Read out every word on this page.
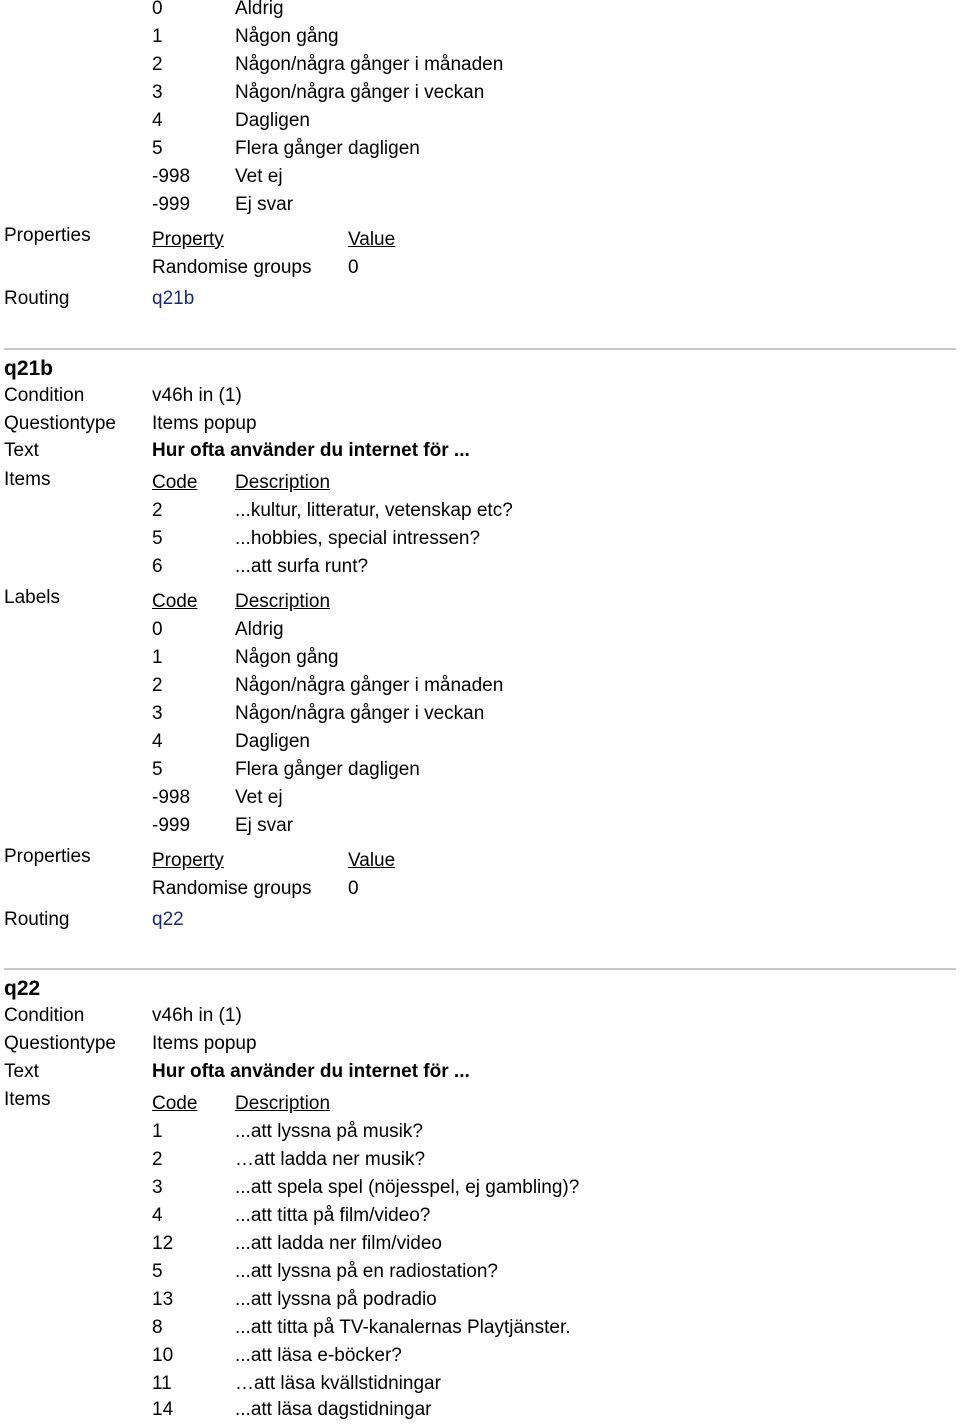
0	Aldrig
1	Någon gång
2	Någon/några gånger i månaden
3	Någon/några gånger i veckan
4	Dagligen
5	Flera gånger dagligen
-998 Vet ej
-999 Ej svar
Properties	Property	Value
Randomise groups 0
Routing	q21b
q21b
Condition	v46h in (1)
Questiontype Items popup
Text	Hur ofta använder du internet för ...
Items	Code Description
2	...kultur, litteratur, vetenskap etc?
5	...hobbies, special intressen?
6	...att surfa runt?
Labels	Code Description
0	Aldrig
1	Någon gång
2	Någon/några gånger i månaden
3	Någon/några gånger i veckan
4	Dagligen
5	Flera gånger dagligen
-998 Vet ej
-999 Ej svar
Properties	Property	Value
Randomise groups 0
Routing	q22
q22
Condition	v46h in (1)
Questiontype Items popup
Text	Hur ofta använder du internet för ...
Items	Code Description
1	...att lyssna på musik?
2	…att ladda ner musik?
3	...att spela spel (nöjesspel, ej gambling)?
4	...att titta på film/video?
12	...att ladda ner film/video
5	...att lyssna på en radiostation?
13	...att lyssna på podradio
8	...att titta på TV-kanalernas Playtjänster.
10	...att läsa e-böcker?
11	…att läsa kvällstidningar
14	...att läsa dagstidningar
